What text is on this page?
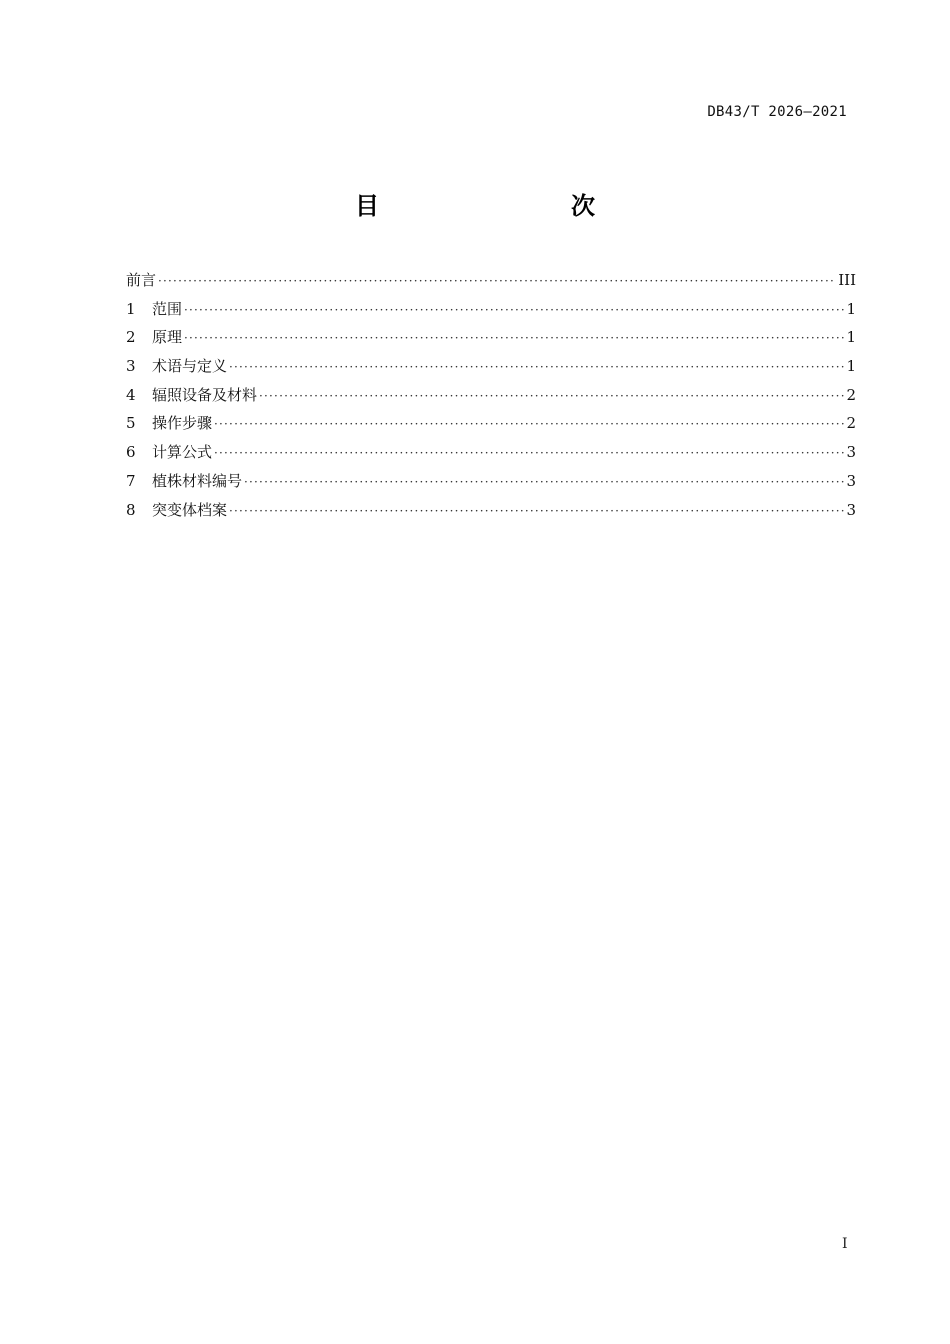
DB43/T 2026—2021
目　　次
前言 ·····	III
1	范围 ·····	1
2	原理 ·····	1
3	术语与定义 ·····	1
4	辐照设备及材料 ·····	2
5	操作步骤 ·····	2
6	计算公式 ·····	3
7	植株材料编号 ·····	3
8	突变体档案 ·····	3
I
